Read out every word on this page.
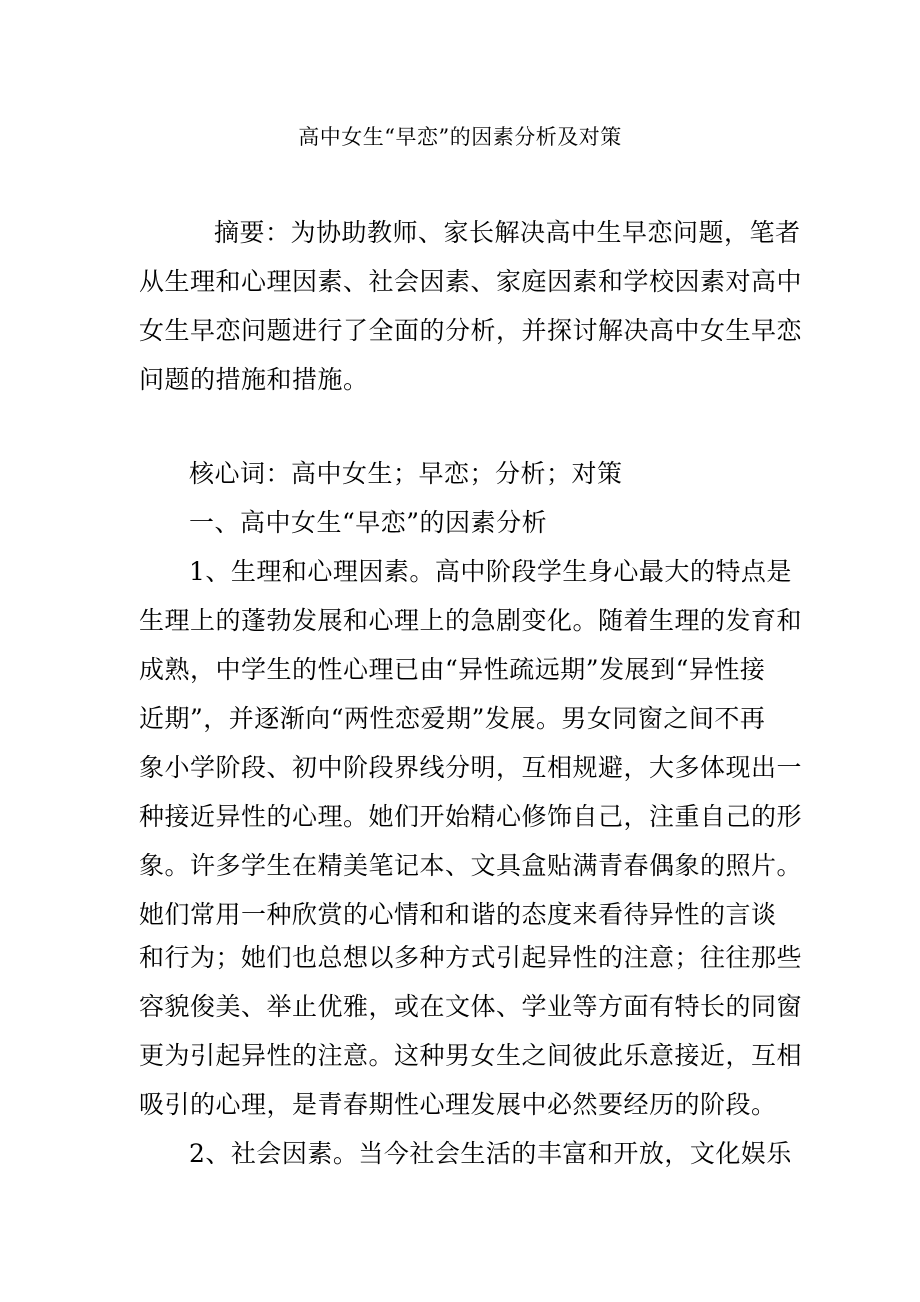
高中女生“早恋”的因素分析及对策
摘要：为协助教师、家长解决高中生早恋问题，笔者
从生理和心理因素、社会因素、家庭因素和学校因素对高中
女生早恋问题进行了全面的分析，并探讨解决高中女生早恋
问题的措施和措施。
核心词：高中女生；早恋；分析；对策
一、高中女生“早恋”的因素分析
1、生理和心理因素。高中阶段学生身心最大的特点是
生理上的蓬勃发展和心理上的急剧变化。随着生理的发育和
成熟，中学生的性心理已由“异性疏远期”发展到“异性接
近期”，并逐渐向“两性恋爱期”发展。男女同窗之间不再
象小学阶段、初中阶段界线分明，互相规避，大多体现出一
种接近异性的心理。她们开始精心修饰自己，注重自己的形
象。许多学生在精美笔记本、文具盒贴满青春偶象的照片。
她们常用一种欣赏的心情和和谐的态度来看待异性的言谈
和行为；她们也总想以多种方式引起异性的注意；往往那些
容貌俊美、举止优雅，或在文体、学业等方面有特长的同窗
更为引起异性的注意。这种男女生之间彼此乐意接近，互相
吸引的心理，是青春期性心理发展中必然要经历的阶段。
2、社会因素。当今社会生活的丰富和开放，文化娱乐
